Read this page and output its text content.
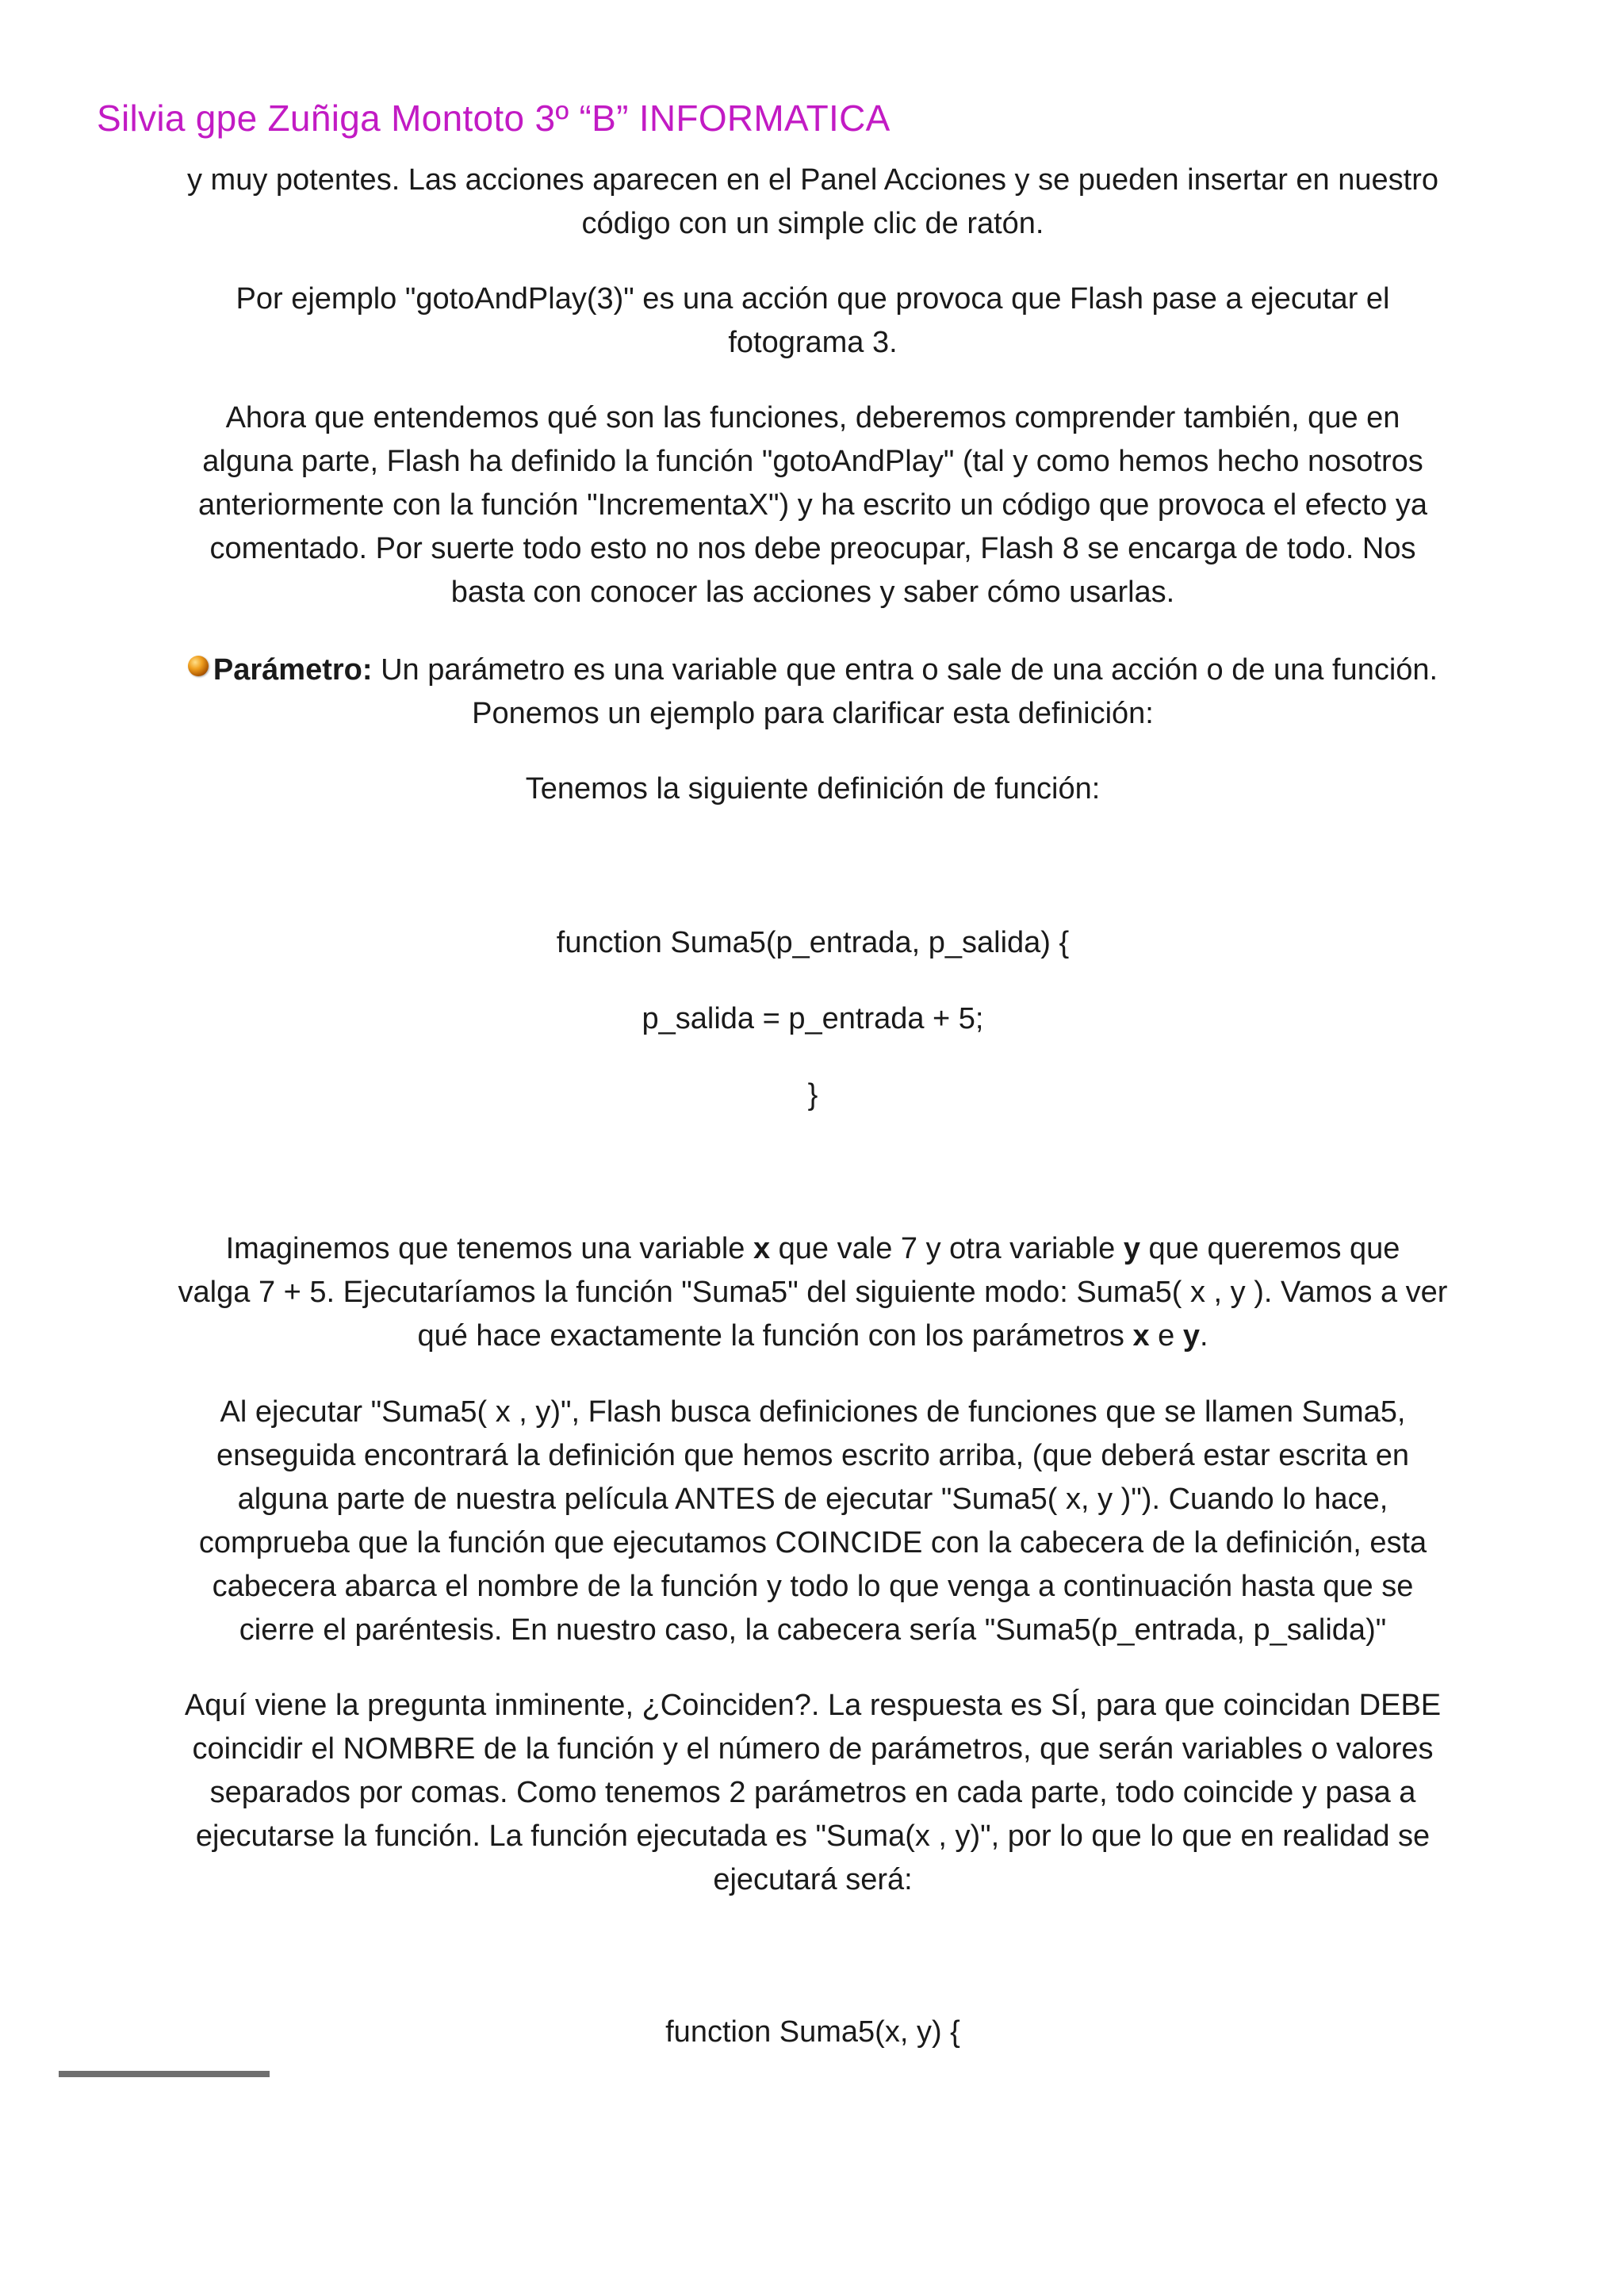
Silvia gpe Zuñiga Montoto 3º “B” INFORMATICA
y muy potentes. Las acciones aparecen en el Panel Acciones y se pueden insertar en nuestro
código con un simple clic de ratón.
Por ejemplo "gotoAndPlay(3)" es una acción que provoca que Flash pase a ejecutar el
fotograma 3.
Ahora que entendemos qué son las funciones, deberemos comprender también, que en
alguna parte, Flash ha definido la función "gotoAndPlay" (tal y como hemos hecho nosotros
anteriormente con la función "IncrementaX") y ha escrito un código que provoca el efecto ya
comentado. Por suerte todo esto no nos debe preocupar, Flash 8 se encarga de todo. Nos
basta con conocer las acciones y saber cómo usarlas.
Parámetro: Un parámetro es una variable que entra o sale de una acción o de una función.
Ponemos un ejemplo para clarificar esta definición:
Tenemos la siguiente definición de función:
function Suma5(p_entrada, p_salida) {
p_salida = p_entrada + 5;
}
Imaginemos que tenemos una variable x que vale 7 y otra variable y que queremos que
valga 7 + 5. Ejecutaríamos la función "Suma5" del siguiente modo: Suma5( x , y ). Vamos a ver
qué hace exactamente la función con los parámetros x e y.
Al ejecutar "Suma5( x , y)", Flash busca definiciones de funciones que se llamen Suma5,
enseguida encontrará la definición que hemos escrito arriba, (que deberá estar escrita en
alguna parte de nuestra película ANTES de ejecutar "Suma5( x, y )"). Cuando lo hace,
comprueba que la función que ejecutamos COINCIDE con la cabecera de la definición, esta
cabecera abarca el nombre de la función y todo lo que venga a continuación hasta que se
cierre el paréntesis. En nuestro caso, la cabecera sería "Suma5(p_entrada, p_salida)"
Aquí viene la pregunta inminente, ¿Coinciden?. La respuesta es SÍ, para que coincidan DEBE
coincidir el NOMBRE de la función y el número de parámetros, que serán variables o valores
separados por comas. Como tenemos 2 parámetros en cada parte, todo coincide y pasa a
ejecutarse la función. La función ejecutada es "Suma(x , y)", por lo que lo que en realidad se
ejecutará será:
function Suma5(x, y) {
